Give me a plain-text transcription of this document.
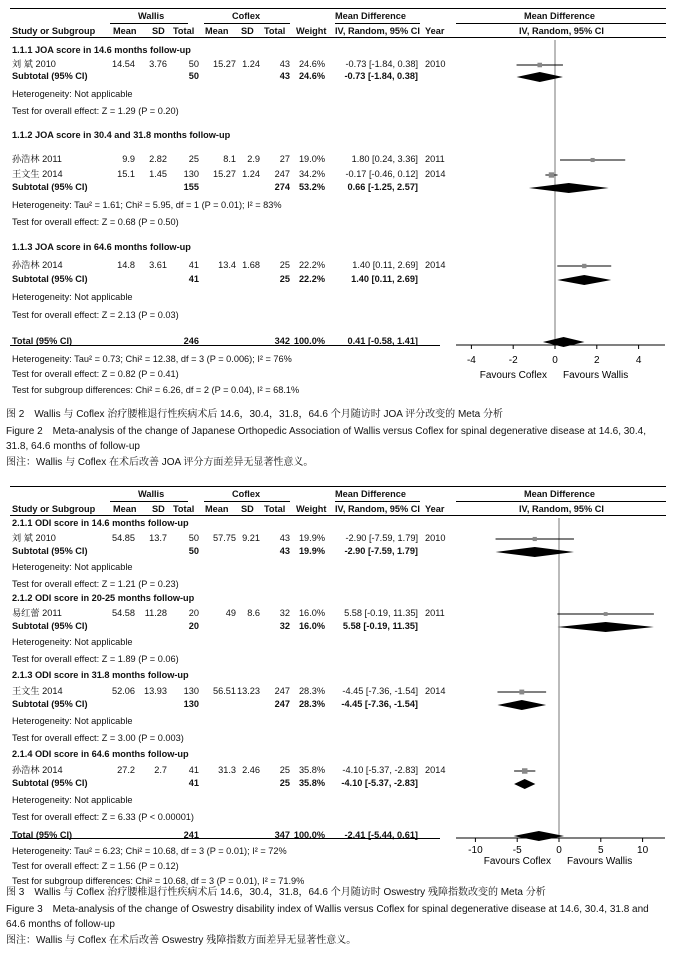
Wallis	Coflex	Mean Difference	Mean Difference
Study or Subgroup Mean SD Total Mean SD Total Weight IV, Random, 95% CI Year	IV, Random, 95% CI
-4	-2	0	2	4
Favours Coflex Favours Wallis
1.1.1 JOA score in 14.6 months follow-up
刘 斌 2010	14.54 3.76 50 15.27 1.24 43 24.6% -0.73 [-1.84, 0.38] 2010
Subtotal (95% CI)	50	43 24.6% -0.73 [-1.84, 0.38]
Heterogeneity: Not applicable
Test for overall effect: Z = 1.29 (P = 0.20)
1.1.2 JOA score in 30.4 and 31.8 months follow-up
孙浩林 2011	9.9 2.82 25	8.1 2.9 27 19.0%	1.80 [0.24, 3.36] 2011
王文生 2014	15.1 1.45 130 15.27 1.24 247 34.2% -0.17 [-0.46, 0.12] 2014
Subtotal (95% CI)	155	274 53.2% 0.66 [-1.25, 2.57]
Heterogeneity: Tau² = 1.61; Chi² = 5.95, df = 1 (P = 0.01); I² = 83%
Test for overall effect: Z = 0.68 (P = 0.50)
1.1.3 JOA score in 64.6 months follow-up
孙浩林 2014	14.8 3.61 41 13.4 1.68 25 22.2%	1.40 [0.11, 2.69] 2014
Subtotal (95% CI)	41	25 22.2%	1.40 [0.11, 2.69]
Heterogeneity: Not applicable
Test for overall effect: Z = 2.13 (P = 0.03)
Total (95% CI)	246	342 100.0% 0.41 [-0.58, 1.41]
Heterogeneity: Tau² = 0.73; Chi² = 12.38, df = 3 (P = 0.006); I² = 76%
Test for overall effect: Z = 0.82 (P = 0.41)
Test for subgroup differences: Chi² = 6.26, df = 2 (P = 0.04), I² = 68.1%
图 2　Wallis 与 Coflex 治疗腰椎退行性疾病术后 14.6，30.4，31.8，64.6 个月随访时 JOA 评分改变的 Meta 分析
Figure 2　Meta-analysis of the change of Japanese Orthopedic Association of Wallis versus Coflex for spinal degenerative disease at 14.6, 30.4, 31.8, 64.6 months of follow-up
图注：Wallis 与 Coflex 在术后改善 JOA 评分方面差异无显著性意义。
Wallis	Coflex	Mean Difference	Mean Difference
Study or Subgroup Mean SD Total Mean SD Total Weight IV, Random, 95% CI Year	IV, Random, 95% CI
-10	-5	0	5	10
Favours Coflex Favours Wallis
2.1.1 ODI score in 14.6 months follow-up
刘 斌 2010	54.85 13.7 50 57.75 9.21 43 19.9% -2.90 [-7.59, 1.79] 2010
Subtotal (95% CI)	50	43 19.9% -2.90 [-7.59, 1.79]
Heterogeneity: Not applicable
Test for overall effect: Z = 1.21 (P = 0.23)
2.1.2 ODI score in 20-25 months follow-up
易红蕾 2011	54.58 11.28 20	49 8.6 32 16.0% 5.58 [-0.19, 11.35] 2011
Subtotal (95% CI)	20	32 16.0% 5.58 [-0.19, 11.35]
Heterogeneity: Not applicable
Test for overall effect: Z = 1.89 (P = 0.06)
2.1.3 ODI score in 31.8 months follow-up
王文生 2014	52.06 13.93 130 56.51 13.23 247 28.3% -4.45 [-7.36, -1.54] 2014
Subtotal (95% CI)	130	247 28.3% -4.45 [-7.36, -1.54]
Heterogeneity: Not applicable
Test for overall effect: Z = 3.00 (P = 0.003)
2.1.4 ODI score in 64.6 months follow-up
孙浩林 2014	27.2 2.7 41 31.3 2.46 25 35.8% -4.10 [-5.37, -2.83] 2014
Subtotal (95% CI)	41	25 35.8% -4.10 [-5.37, -2.83]
Heterogeneity: Not applicable
Test for overall effect: Z = 6.33 (P < 0.00001)
Total (95% CI)	241	347 100.0% -2.41 [-5.44, 0.61]
Heterogeneity: Tau² = 6.23; Chi² = 10.68, df = 3 (P = 0.01); I² = 72%
Test for overall effect: Z = 1.56 (P = 0.12)
Test for subgroup differences: Chi² = 10.68, df = 3 (P = 0.01), I² = 71.9%
图 3　Wallis 与 Coflex 治疗腰椎退行性疾病术后 14.6，30.4，31.8，64.6 个月随访时 Oswestry 残障指数改变的 Meta 分析
Figure 3　Meta-analysis of the change of Oswestry disability index of Wallis versus Coflex for spinal degenerative disease at 14.6, 30.4, 31.8 and 64.6 months of follow-up
图注：Wallis 与 Coflex 在术后改善 Oswestry 残障指数方面差异无显著性意义。
